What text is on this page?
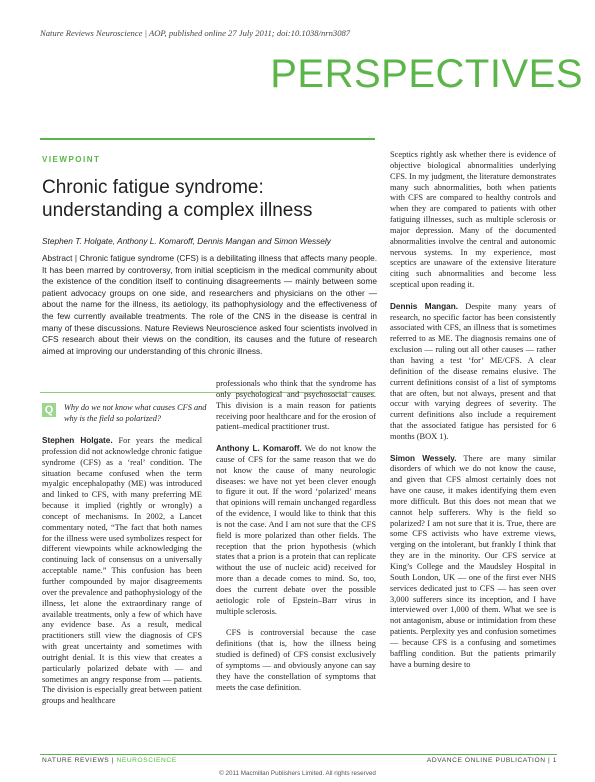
Nature Reviews Neuroscience | AOP, published online 27 July 2011; doi:10.1038/nrn3087
PERSPECTIVES
VIEWPOINT
Chronic fatigue syndrome:
understanding a complex illness
Stephen T. Holgate, Anthony L. Komaroff, Dennis Mangan and Simon Wessely
Abstract | Chronic fatigue syndrome (CFS) is a debilitating illness that affects many people. It has been marred by controversy, from initial scepticism in the medical community about the existence of the condition itself to continuing disagreements — mainly between some patient advocacy groups on one side, and researchers and physicians on the other — about the name for the illness, its aetiology, its pathophysiology and the effectiveness of the few currently available treatments. The role of the CNS in the disease is central in many of these discussions. Nature Reviews Neuroscience asked four scientists involved in CFS research about their views on the condition, its causes and the future of research aimed at improving our understanding of this chronic illness.
Q	Why do we not know what causes CFS and why is the field so polarized?

Stephen Holgate. For years the medical profession did not acknowledge chronic fatigue syndrome (CFS) as a ‘real’ condition. The situation became confused when the term myalgic encephalopathy (ME) was introduced and linked to CFS, with many preferring ME because it implied (rightly or wrongly) a concept of mechanisms. In 2002, a Lancet commentary noted, “The fact that both names for the illness were used symbolizes respect for different viewpoints while acknowledging the continuing lack of consensus on a universally acceptable name.” This confusion has been further compounded by major disagreements over the prevalence and pathophysiology of the illness, let alone the extraordinary range of available treatments, only a few of which have any evidence base. As a result, medical practitioners still view the diagnosis of CFS with great uncertainty and sometimes with outright denial. It is this view that creates a particularly polarized debate with — and sometimes an angry response from — patients. The division is especially great between patient groups and healthcare

professionals who think that the syndrome has only psychological and psychosocial causes. This division is a main reason for patients receiving poor healthcare and for the erosion of patient–medical practitioner trust.

Anthony L. Komaroff. We do not know the cause of CFS for the same reason that we do not know the cause of many neurologic diseases: we have not yet been clever enough to figure it out. If the word ‘polarized’ means that opinions will remain unchanged regardless of the evidence, I would like to think that this is not the case. And I am not sure that the CFS field is more polarized than other fields. The reception that the prion hypothesis (which states that a prion is a protein that can replicate without the use of nucleic acid) received for more than a decade comes to mind. So, too, does the current debate over the possible aetiologic role of Epstein–Barr virus in multiple sclerosis.

CFS is controversial because the case definitions (that is, how the illness being studied is defined) of CFS consist exclusively of symptoms — and obviously anyone can say they have the constellation of symptoms that meets the case definition.

Sceptics rightly ask whether there is evidence of objective biological abnormalities underlying CFS. In my judgment, the literature demonstrates many such abnormalities, both when patients with CFS are compared to healthy controls and when they are compared to patients with other fatiguing illnesses, such as multiple sclerosis or major depression. Many of the documented abnormalities involve the central and autonomic nervous systems. In my experience, most sceptics are unaware of the extensive literature citing such abnormalities and become less sceptical upon reading it.

Dennis Mangan. Despite many years of research, no specific factor has been consistently associated with CFS, an illness that is sometimes referred to as ME. The diagnosis remains one of exclusion — ruling out all other causes — rather than having a test ‘for’ ME/CFS. A clear definition of the disease remains elusive. The current definitions consist of a list of symptoms that are often, but not always, present and that occur with varying degrees of severity. The current definitions also include a requirement that the associated fatigue has persisted for 6 months (BOX 1).

Simon Wessely. There are many similar disorders of which we do not know the cause, and given that CFS almost certainly does not have one cause, it makes identifying them even more difficult. But this does not mean that we cannot help sufferers. Why is the field so polarized? I am not sure that it is. True, there are some CFS activists who have extreme views, verging on the intolerant, but frankly I think that they are in the minority. Our CFS service at King’s College and the Maudsley Hospital in South London, UK — one of the first ever NHS services dedicated just to CFS — has seen over 3,000 sufferers since its inception, and I have interviewed over 1,000 of them. What we see is not antagonism, abuse or intimidation from these patients. Perplexity yes and confusion sometimes — because CFS is a confusing and sometimes baffling condition. But the patients primarily have a burning desire to

NATURE REVIEWS | NEUROSCIENCE	ADVANCE ONLINE PUBLICATION | 1
© 2011 Macmillan Publishers Limited. All rights reserved
